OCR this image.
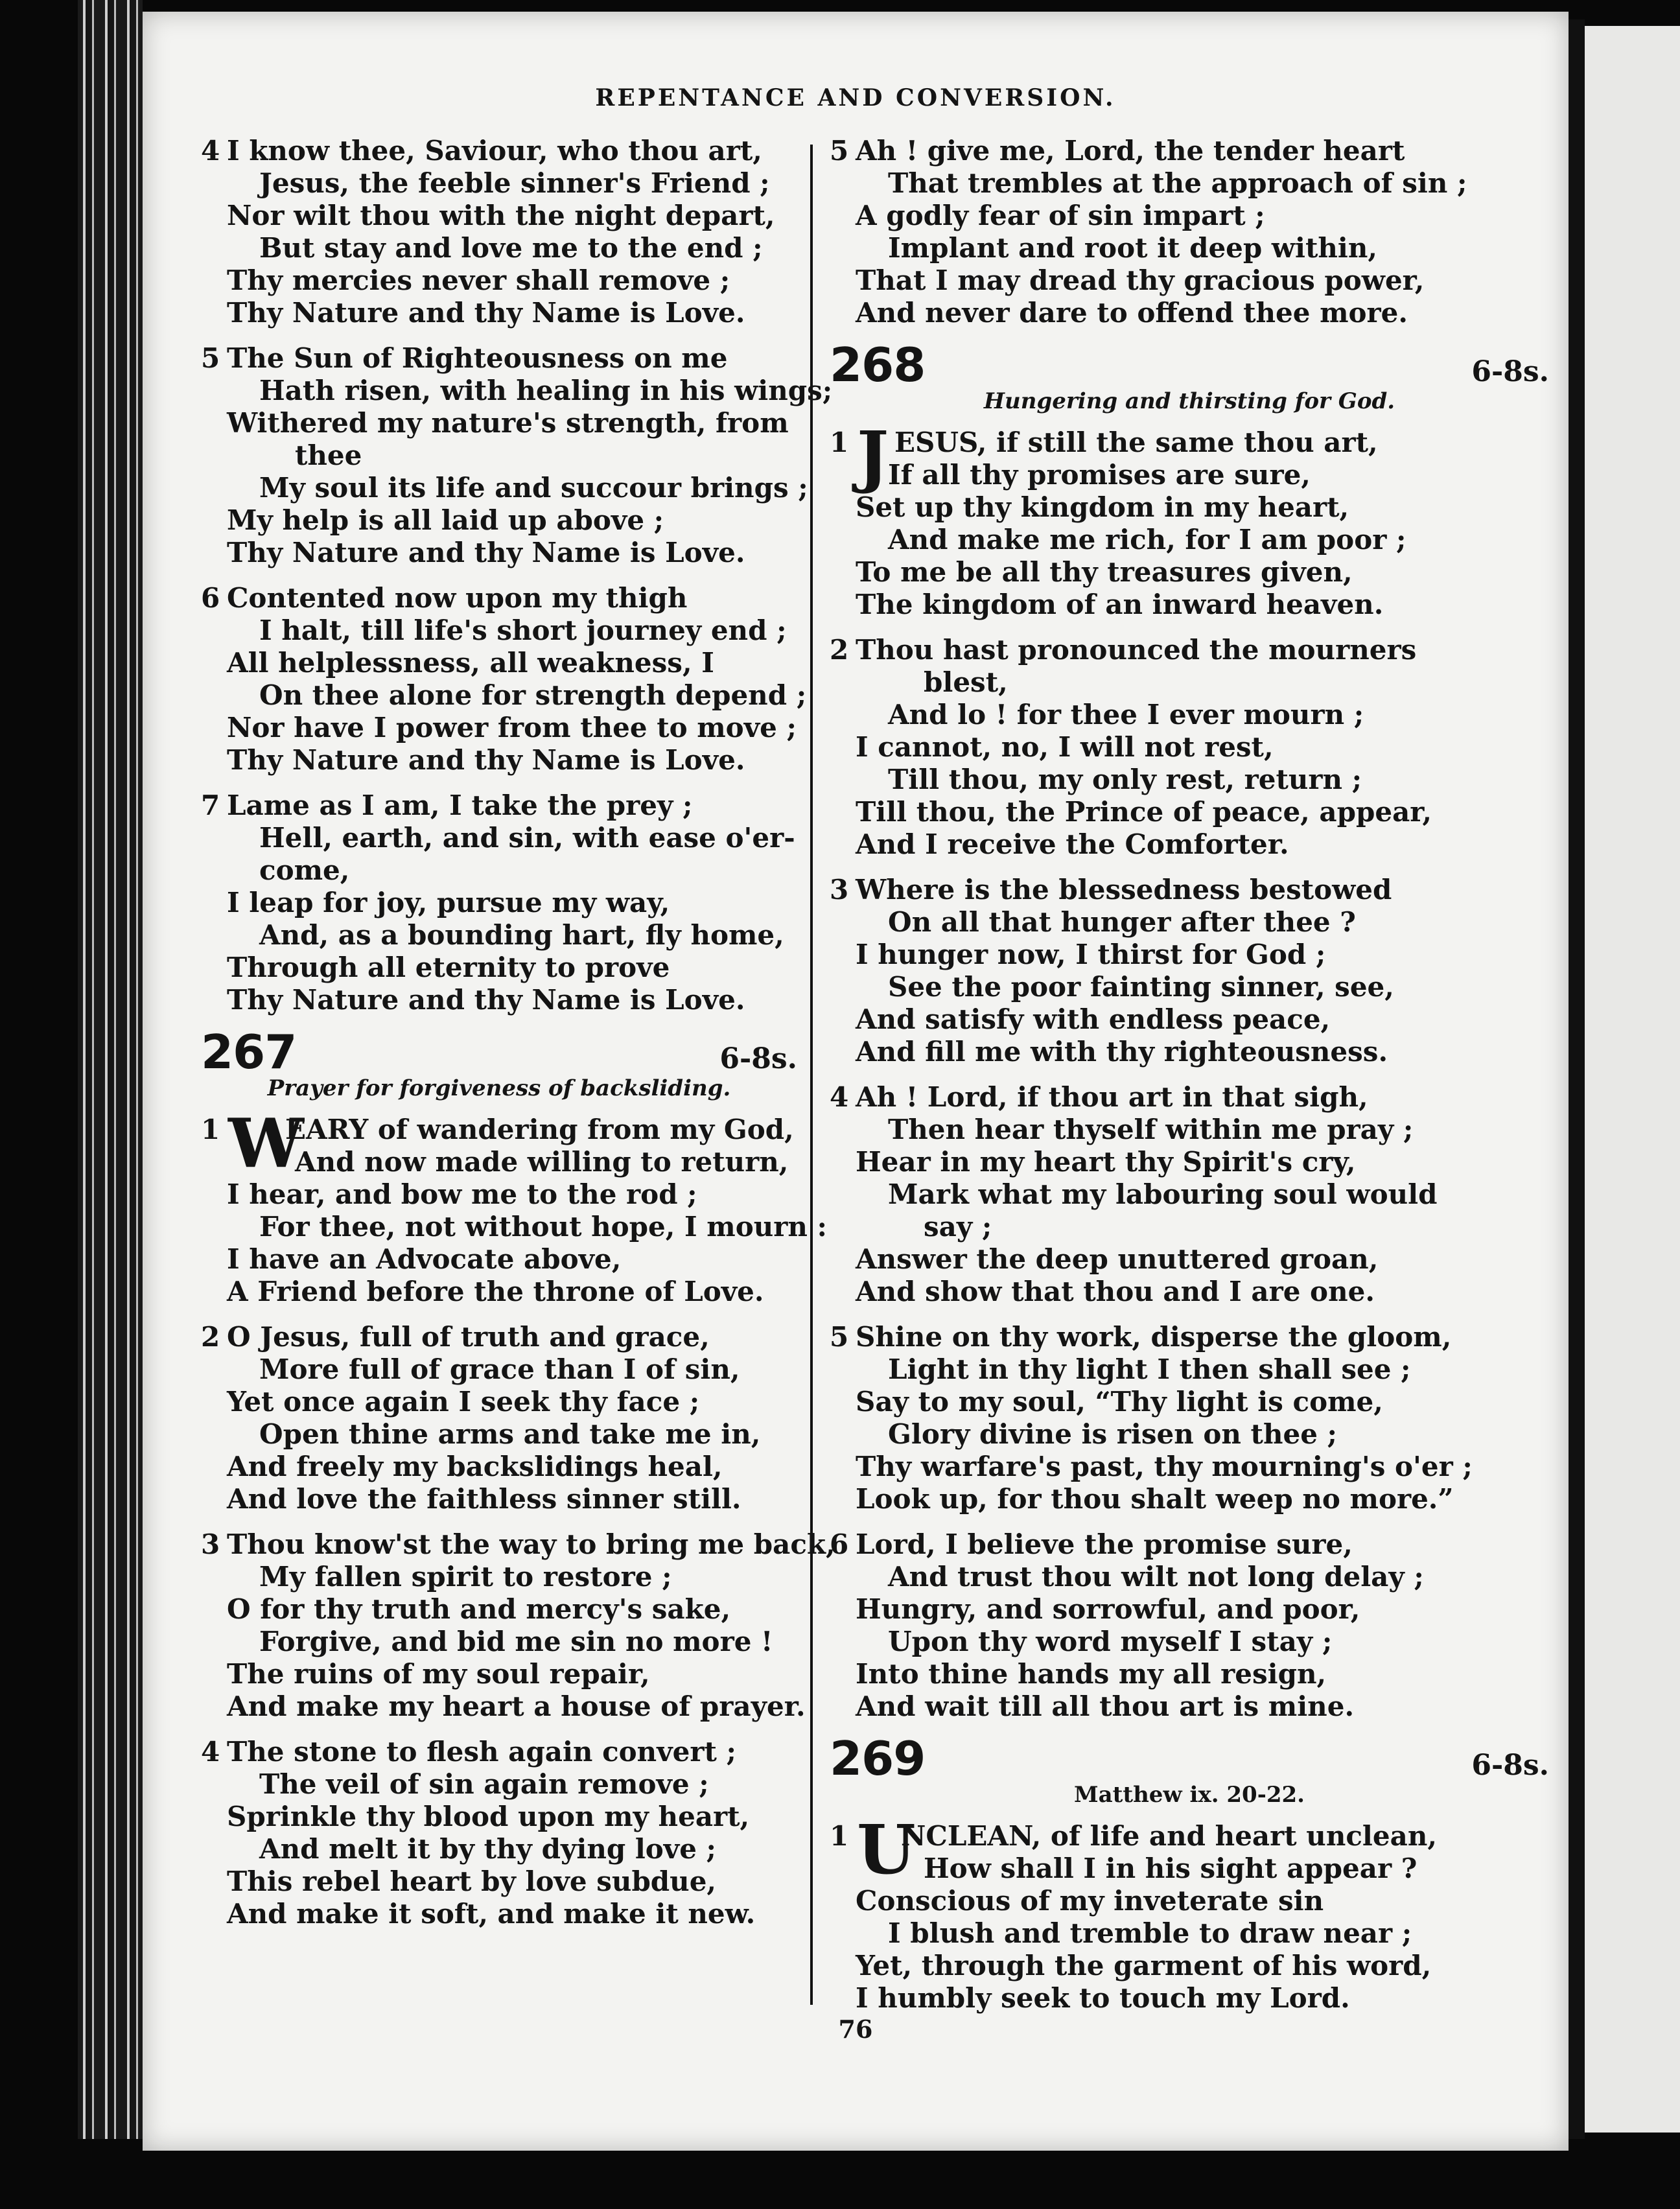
REPENTANCE AND CONVERSION.
4 I know thee, Saviour, who thou art,
Jesus, the feeble sinner's Friend ;
Nor wilt thou with the night depart,
But stay and love me to the end ;
Thy mercies never shall remove ;
Thy Nature and thy Name is Love.
5 The Sun of Righteousness on me
Hath risen, with healing in his wings;
Withered my nature's strength, from
thee
My soul its life and succour brings ;
My help is all laid up above ;
Thy Nature and thy Name is Love.
6 Contented now upon my thigh
I halt, till life's short journey end ;
All helplessness, all weakness, I
On thee alone for strength depend ;
Nor have I power from thee to move ;
Thy Nature and thy Name is Love.
7 Lame as I am, I take the prey ;
Hell, earth, and sin, with ease o'er-
come,
I leap for joy, pursue my way,
And, as a bounding hart, fly home,
Through all eternity to prove
Thy Nature and thy Name is Love.
267	6-8s.
Prayer for forgiveness of backsliding.
1 W
EARY of wandering from my God,
And now made willing to return,
I hear, and bow me to the rod ;
For thee, not without hope, I mourn :
I have an Advocate above,
A Friend before the throne of Love.
2 O Jesus, full of truth and grace,
More full of grace than I of sin,
Yet once again I seek thy face ;
Open thine arms and take me in,
And freely my backslidings heal,
And love the faithless sinner still.
3 Thou know'st the way to bring me back,
My fallen spirit to restore ;
O for thy truth and mercy's sake,
Forgive, and bid me sin no more !
The ruins of my soul repair,
And make my heart a house of prayer.
4 The stone to flesh again convert ;
The veil of sin again remove ;
Sprinkle thy blood upon my heart,
And melt it by thy dying love ;
This rebel heart by love subdue,
And make it soft, and make it new.
5 Ah ! give me, Lord, the tender heart
That trembles at the approach of sin ;
A godly fear of sin impart ;
Implant and root it deep within,
That I may dread thy gracious power,
And never dare to offend thee more.
268	6-8s.
Hungering and thirsting for God.
1 J ESUS, if still the same thou art,
If all thy promises are sure,
Set up thy kingdom in my heart,
And make me rich, for I am poor ;
To me be all thy treasures given,
The kingdom of an inward heaven.
2 Thou hast pronounced the mourners
blest,
And lo ! for thee I ever mourn ;
I cannot, no, I will not rest,
Till thou, my only rest, return ;
Till thou, the Prince of peace, appear,
And I receive the Comforter.
3 Where is the blessedness bestowed
On all that hunger after thee ?
I hunger now, I thirst for God ;
See the poor fainting sinner, see,
And satisfy with endless peace,
And fill me with thy righteousness.
4 Ah ! Lord, if thou art in that sigh,
Then hear thyself within me pray ;
Hear in my heart thy Spirit's cry,
Mark what my labouring soul would
say ;
Answer the deep unuttered groan,
And show that thou and I are one.
5 Shine on thy work, disperse the gloom,
Light in thy light I then shall see ;
Say to my soul, “Thy light is come,
Glory divine is risen on thee ;
Thy warfare's past, thy mourning's o'er ;
Look up, for thou shalt weep no more.”
6 Lord, I believe the promise sure,
And trust thou wilt not long delay ;
Hungry, and sorrowful, and poor,
Upon thy word myself I stay ;
Into thine hands my all resign,
And wait till all thou art is mine.
269	6-8s.
Matthew ix. 20-22.
1 U
NCLEAN, of life and heart unclean,
How shall I in his sight appear ?
Conscious of my inveterate sin
I blush and tremble to draw near ;
Yet, through the garment of his word,
I humbly seek to touch my Lord.
76
